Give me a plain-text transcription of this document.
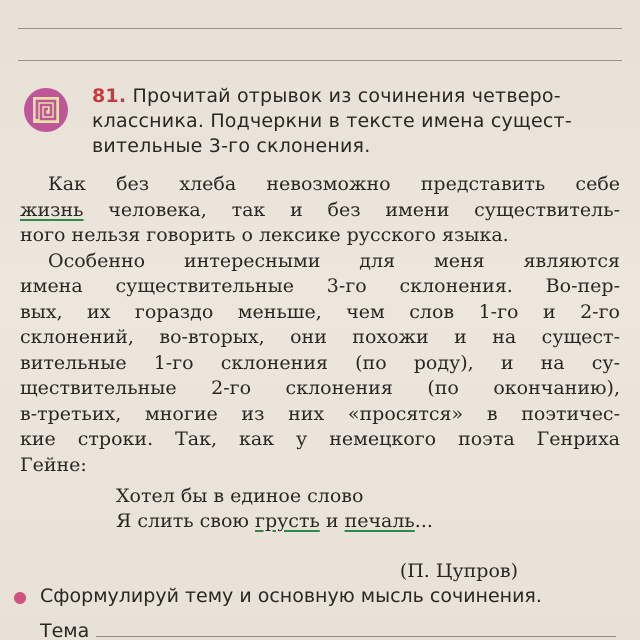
81. Прочитай отрывок из сочинения четверо-
классника. Подчеркни в тексте имена сущест-
вительные 3-го склонения.
Как без хлеба невозможно представить себе
жизнь человека, так и без имени существитель-
ного нельзя говорить о лексике русского языка.
Особенно интересными для меня являются
имена существительные 3-го склонения. Во-пер-
вых, их гораздо меньше, чем слов 1-го и 2-го
склонений, во-вторых, они похожи и на сущест-
вительные 1-го склонения (по роду), и на су-
ществительные 2-го склонения (по окончанию),
в-третьих, многие из них «просятся» в поэтичес-
кие строки. Так, как у немецкого поэта Генриха
Гейне:
Хотел бы в единое слово
Я слить свою грусть и печаль...
(П. Цупров)
Сформулируй тему и основную мысль сочинения.
Тема
